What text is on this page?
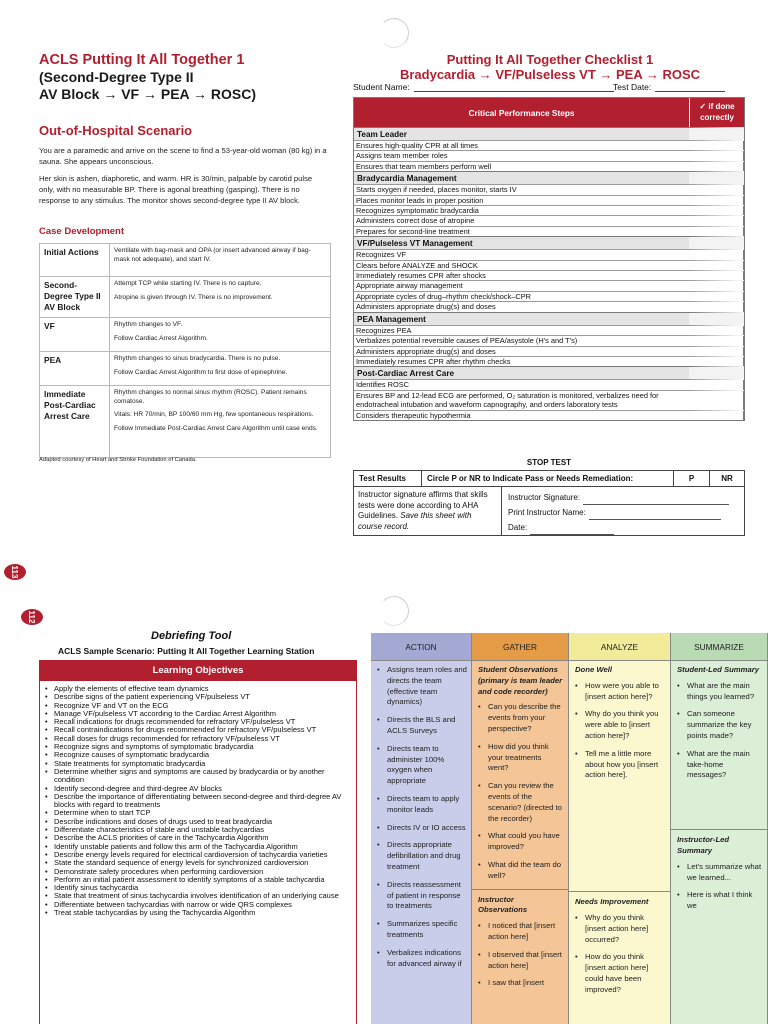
ACLS Putting It All Together 1
(Second-Degree Type II
AV Block → VF → PEA → ROSC)
Out-of-Hospital Scenario
You are a paramedic and arrive on the scene to find a 53-year-old woman (80 kg) in a sauna. She appears unconscious.
Her skin is ashen, diaphoretic, and warm. HR is 30/min, palpable by carotid pulse only, with no measurable BP. There is agonal breathing (gasping). There is no response to any stimulus. The monitor shows second-degree type II AV block.
Case Development
Initial Actions	Ventilate with bag-mask and OPA (or insert advanced airway if bag-mask not adequate), and start IV.

Second-Degree Type II AV Block	Attempt TCP while starting IV. There is no capture.

Atropine is given through IV. There is no improvement.

VF	Rhythm changes to VF.

Follow Cardiac Arrest Algorithm.

PEA	Rhythm changes to sinus bradycardia. There is no pulse.

Follow Cardiac Arrest Algorithm to first dose of epinephrine.

Immediate Post-Cardiac Arrest Care	Rhythm changes to normal sinus rhythm (ROSC). Patient remains comatose.

Vitals: HR 70/min, BP 100/60 mm Hg, few spontaneous respirations.

Follow Immediate Post-Cardiac Arrest Care Algorithm until case ends.

Adapted courtesy of Heart and Stroke Foundation of Canada.
Putting It All Together Checklist 1
Bradycardia → VF/Pulseless VT → PEA → ROSC
Student Name:	Test Date:
Critical Performance Steps
✓ if done correctly
Team Leader
Ensures high-quality CPR at all times
Assigns team member roles
Ensures that team members perform well
Bradycardia Management
Starts oxygen if needed, places monitor, starts IV
Places monitor leads in proper position
Recognizes symptomatic bradycardia
Administers correct dose of atropine
Prepares for second-line treatment
VF/Pulseless VT Management
Recognizes VF
Clears before ANALYZE and SHOCK
Immediately resumes CPR after shocks
Appropriate airway management
Appropriate cycles of drug–rhythm check/shock–CPR
Administers appropriate drug(s) and doses
PEA Management
Recognizes PEA
Verbalizes potential reversible causes of PEA/asystole (H's and T's)
Administers appropriate drug(s) and doses
Immediately resumes CPR after rhythm checks
Post-Cardiac Arrest Care
Identifies ROSC
Ensures BP and 12-lead ECG are performed, O₂ saturation is monitored, verbalizes need for endotracheal intubation and waveform capnography, and orders laboratory tests
Considers therapeutic hypothermia
STOP TEST
Test Results	Circle P or NR to Indicate Pass or Needs Remediation:	P	NR
Instructor signature affirms that skills tests were done according to AHA Guidelines. Save this sheet with course record.
Instructor Signature:
Print Instructor Name:
Date:
113
112
Debriefing Tool
ACLS Sample Scenario: Putting It All Together Learning Station
Learning Objectives
• Apply the elements of effective team dynamics
• Describe signs of the patient experiencing VF/pulseless VT
• Recognize VF and VT on the ECG
• Manage VF/pulseless VT according to the Cardiac Arrest Algorithm
• Recall indications for drugs recommended for refractory VF/pulseless VT
• Recall contraindications for drugs recommended for refractory VF/pulseless VT
• Recall doses for drugs recommended for refractory VF/pulseless VT
• Recognize signs and symptoms of symptomatic bradycardia
• Recognize causes of symptomatic bradycardia
• State treatments for symptomatic bradycardia
• Determine whether signs and symptoms are caused by bradycardia or by another condition
• Identify second-degree and third-degree AV blocks
• Describe the importance of differentiating between second-degree and third-degree AV blocks with regard to treatments
• Determine when to start TCP
• Describe indications and doses of drugs used to treat bradycardia
• Differentiate characteristics of stable and unstable tachycardias
• Describe the ACLS priorities of care in the Tachycardia Algorithm
• Identify unstable patients and follow this arm of the Tachycardia Algorithm
• Describe energy levels required for electrical cardioversion of tachycardia varieties
• State the standard sequence of energy levels for synchronized cardioversion
• Demonstrate safety procedures when performing cardioversion
• Perform an initial patient assessment to identify symptoms of a stable tachycardia
• Identify sinus tachycardia
• State that treatment of sinus tachycardia involves identification of an underlying cause
• Differentiate between tachycardias with narrow or wide QRS complexes
• Treat stable tachycardias by using the Tachycardia Algorithm
ACTION
• Assigns team roles and directs the team (effective team dynamics)
• Directs the BLS and ACLS Surveys
• Directs team to administer 100% oxygen when appropriate
• Directs team to apply monitor leads
• Directs IV or IO access
• Directs appropriate defibrillation and drug treatment
• Directs reassessment of patient in response to treatments
• Summarizes specific treatments
• Verbalizes indications for advanced airway if
GATHER
Student Observations (primary is team leader and code recorder)
• Can you describe the events from your perspective?
• How did you think your treatments went?
• Can you review the events of the scenario? (directed to the recorder)
• What could you have improved?
• What did the team do well?
Instructor Observations
• I noticed that [insert action here]
• I observed that [insert action here]
• I saw that [insert
ANALYZE
Done Well
• How were you able to [insert action here]?
• Why do you think you were able to [insert action here]?
• Tell me a little more about how you [insert action here].
Needs Improvement
• Why do you think [insert action here] occurred?
• How do you think [insert action here] could have been improved?
SUMMARIZE
Student-Led Summary
• What are the main things you learned?
• Can someone summarize the key points made?
• What are the main take-home messages?
Instructor-Led Summary
• Let's summarize what we learned...
• Here is what I think we
